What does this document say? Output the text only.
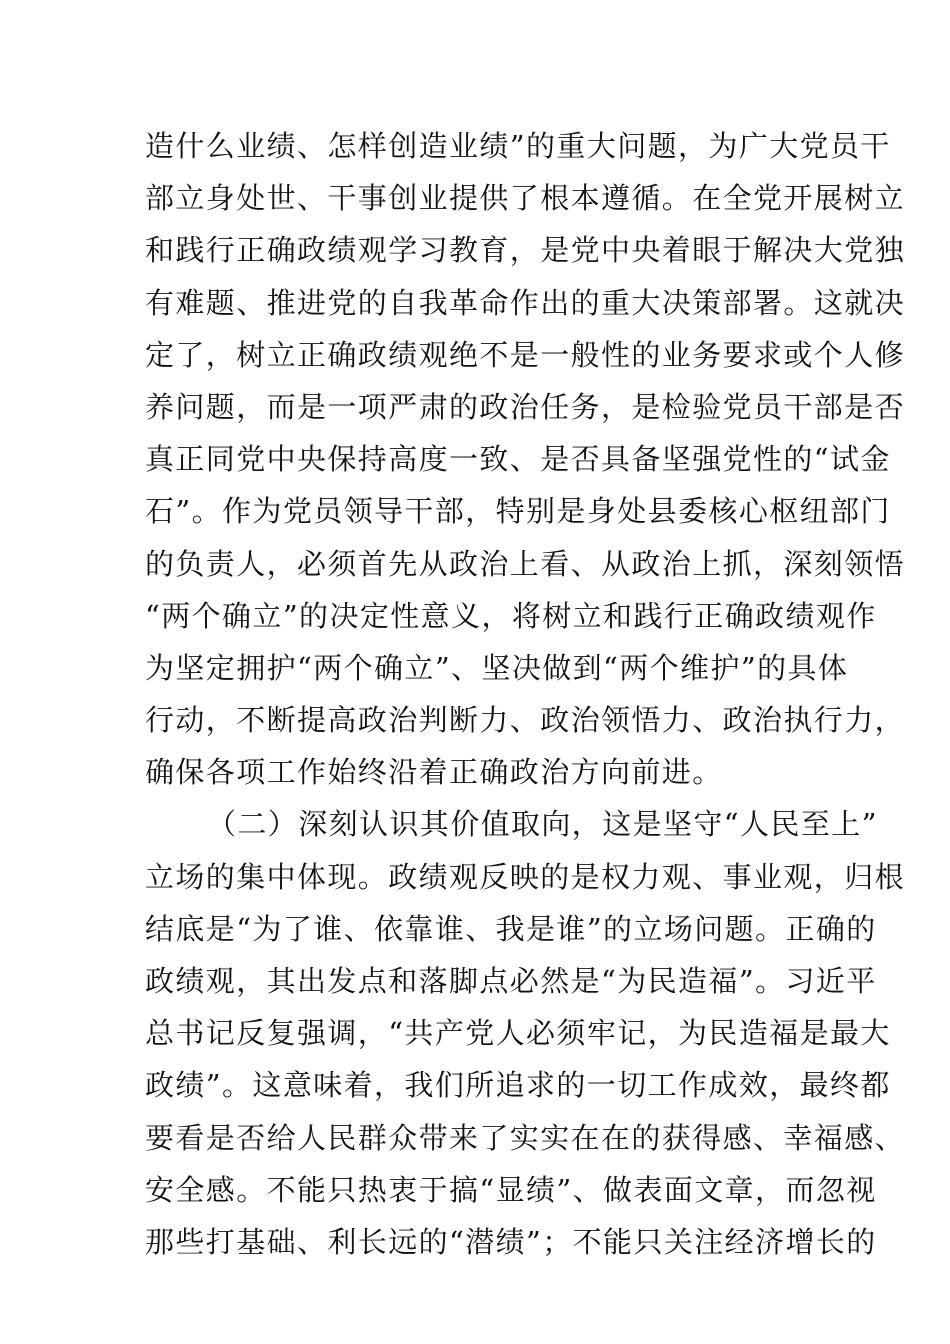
造什么业绩、怎样创造业绩”的重大问题，为广大党员干
部立身处世、干事创业提供了根本遵循。在全党开展树立
和践行正确政绩观学习教育，是党中央着眼于解决大党独
有难题、推进党的自我革命作出的重大决策部署。这就决
定了，树立正确政绩观绝不是一般性的业务要求或个人修
养问题，而是一项严肃的政治任务，是检验党员干部是否
真正同党中央保持高度一致、是否具备坚强党性的“试金
石”。作为党员领导干部，特别是身处县委核心枢纽部门
的负责人，必须首先从政治上看、从政治上抓，深刻领悟
“两个确立”的决定性意义，将树立和践行正确政绩观作
为坚定拥护“两个确立”、坚决做到“两个维护”的具体
行动，不断提高政治判断力、政治领悟力、政治执行力，
确保各项工作始终沿着正确政治方向前进。
（二）深刻认识其价值取向，这是坚守“人民至上”
立场的集中体现。政绩观反映的是权力观、事业观，归根
结底是“为了谁、依靠谁、我是谁”的立场问题。正确的
政绩观，其出发点和落脚点必然是“为民造福”。习近平
总书记反复强调，“共产党人必须牢记，为民造福是最大
政绩”。这意味着，我们所追求的一切工作成效，最终都
要看是否给人民群众带来了实实在在的获得感、幸福感、
安全感。不能只热衷于搞“显绩”、做表面文章，而忽视
那些打基础、利长远的“潜绩”；不能只关注经济增长的
